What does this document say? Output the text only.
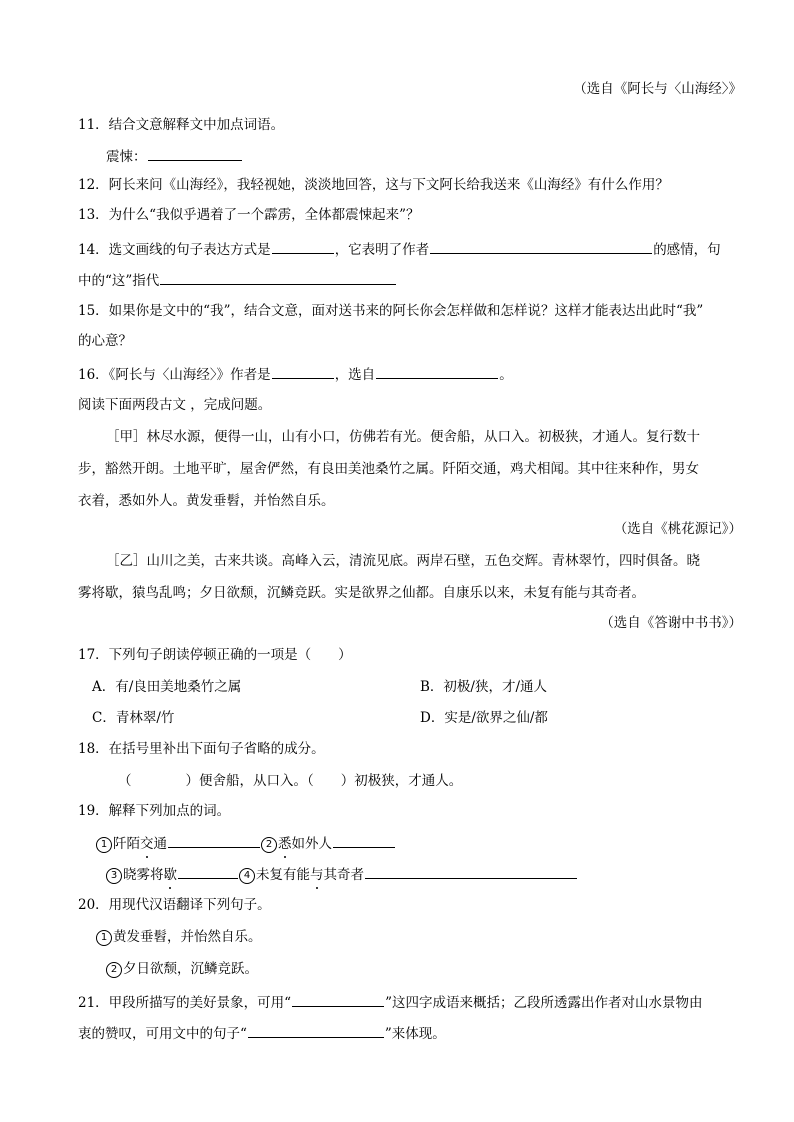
（选自《阿长与〈山海经〉》
11．结合文意解释文中加点词语。
震悚：
12．阿长来问《山海经》，我轻视她，淡淡地回答，这与下文阿长给我送来《山海经》有什么作用？
13．为什么“我似乎遇着了一个霹雳，全体都震悚起来”？
14．选文画线的句子表达方式是	，它表明了作者	的感情，句
中的“这”指代
15．如果你是文中的“我”，结合文意，面对送书来的阿长你会怎样做和怎样说？这样才能表达出此时“我”
的心意？
16．《阿长与〈山海经〉》作者是	，选自	。
阅读下面两段古文 ，完成问题。
［甲］林尽水源，便得一山，山有小口，仿佛若有光。便舍船，从口入。初极狭，才通人。复行数十
步，豁然开朗。土地平旷，屋舍俨然，有良田美池桑竹之属。阡陌交通，鸡犬相闻。其中往来种作，男女
衣着，悉如外人。黄发垂髫，并怡然自乐。
（选自《桃花源记》）
［乙］山川之美，古来共谈。高峰入云，清流见底。两岸石壁，五色交辉。青林翠竹，四时俱备。晓
雾将歇，猿鸟乱鸣；夕日欲颓，沉鳞竞跃。实是欲界之仙都。自康乐以来，未复有能与其奇者。
（选自《答谢中书书》）
17．下列句子朗读停顿正确的一项是（　　）
A．有/良田美地桑竹之属	B．初极/狭，才/通人
C．青林翠/竹	D．实是/欲界之仙/都
18．在括号里补出下面句子省略的成分。
（　　　　）便舍船，从口入。（　　）初极狭，才通人。
19．解释下列加点的词。
1 阡陌交通	2 悉如外人
3 晓雾将歇	4 未复有能与其奇者
20．用现代汉语翻译下列句子。
1 黄发垂髫，并怡然自乐。
2 夕日欲颓，沉鳞竞跃。
21．甲段所描写的美好景象，可用“	”这四字成语来概括；乙段所透露出作者对山水景物由
衷的赞叹，可用文中的句子“	”来体现。
